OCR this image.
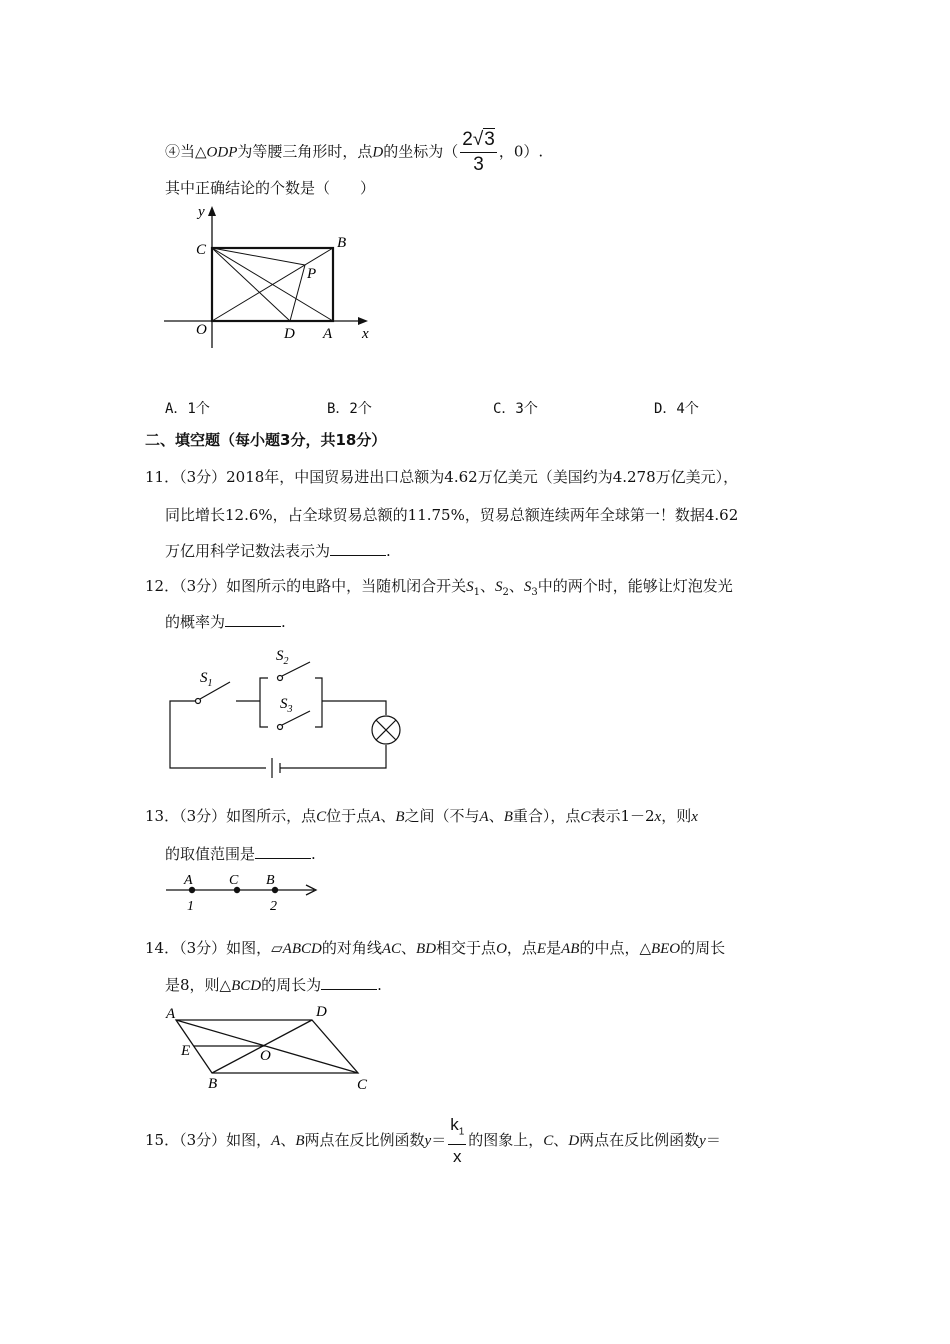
④当△ODP为等腰三角形时，点D的坐标为（ $\frac{2√3}{3}$ ，0）.
其中正确结论的个数是（　　）
y
C	B
P
O	D A x
A．1个	B．2个	C．3个	D．4个
二、填空题（每小题3分，共18分）
11．（3分）2018年，中国贸易进出口总额为4.62万亿美元（美国约为4.278万亿美元），
同比增长12.6%，占全球贸易总额的11.75%，贸易总额连续两年全球第一！数据4.62
万亿用科学记数法表示为	.
12．（3分）如图所示的电路中，当随机闭合开关$S_1$、$S_2$、$S_3$中的两个时，能够让灯泡发光
的概率为	.
$S_1$
$S_2$
$S_3$
13．（3分）如图所示，点C位于点A、B之间（不与A、B重合），点C表示1－2x，则x
的取值范围是	.
A	C B
1	2
14．（3分）如图，▱ABCD的对角线AC、BD相交于点O，点E是AB的中点，△BEO的周长
是8，则△BCD的周长为	.
A	D
E	O
B	C
15．（3分）如图，A、B两点在反比例函数$y= \frac{k_1}{x}$ 的图象上，C、D两点在反比例函数y＝
